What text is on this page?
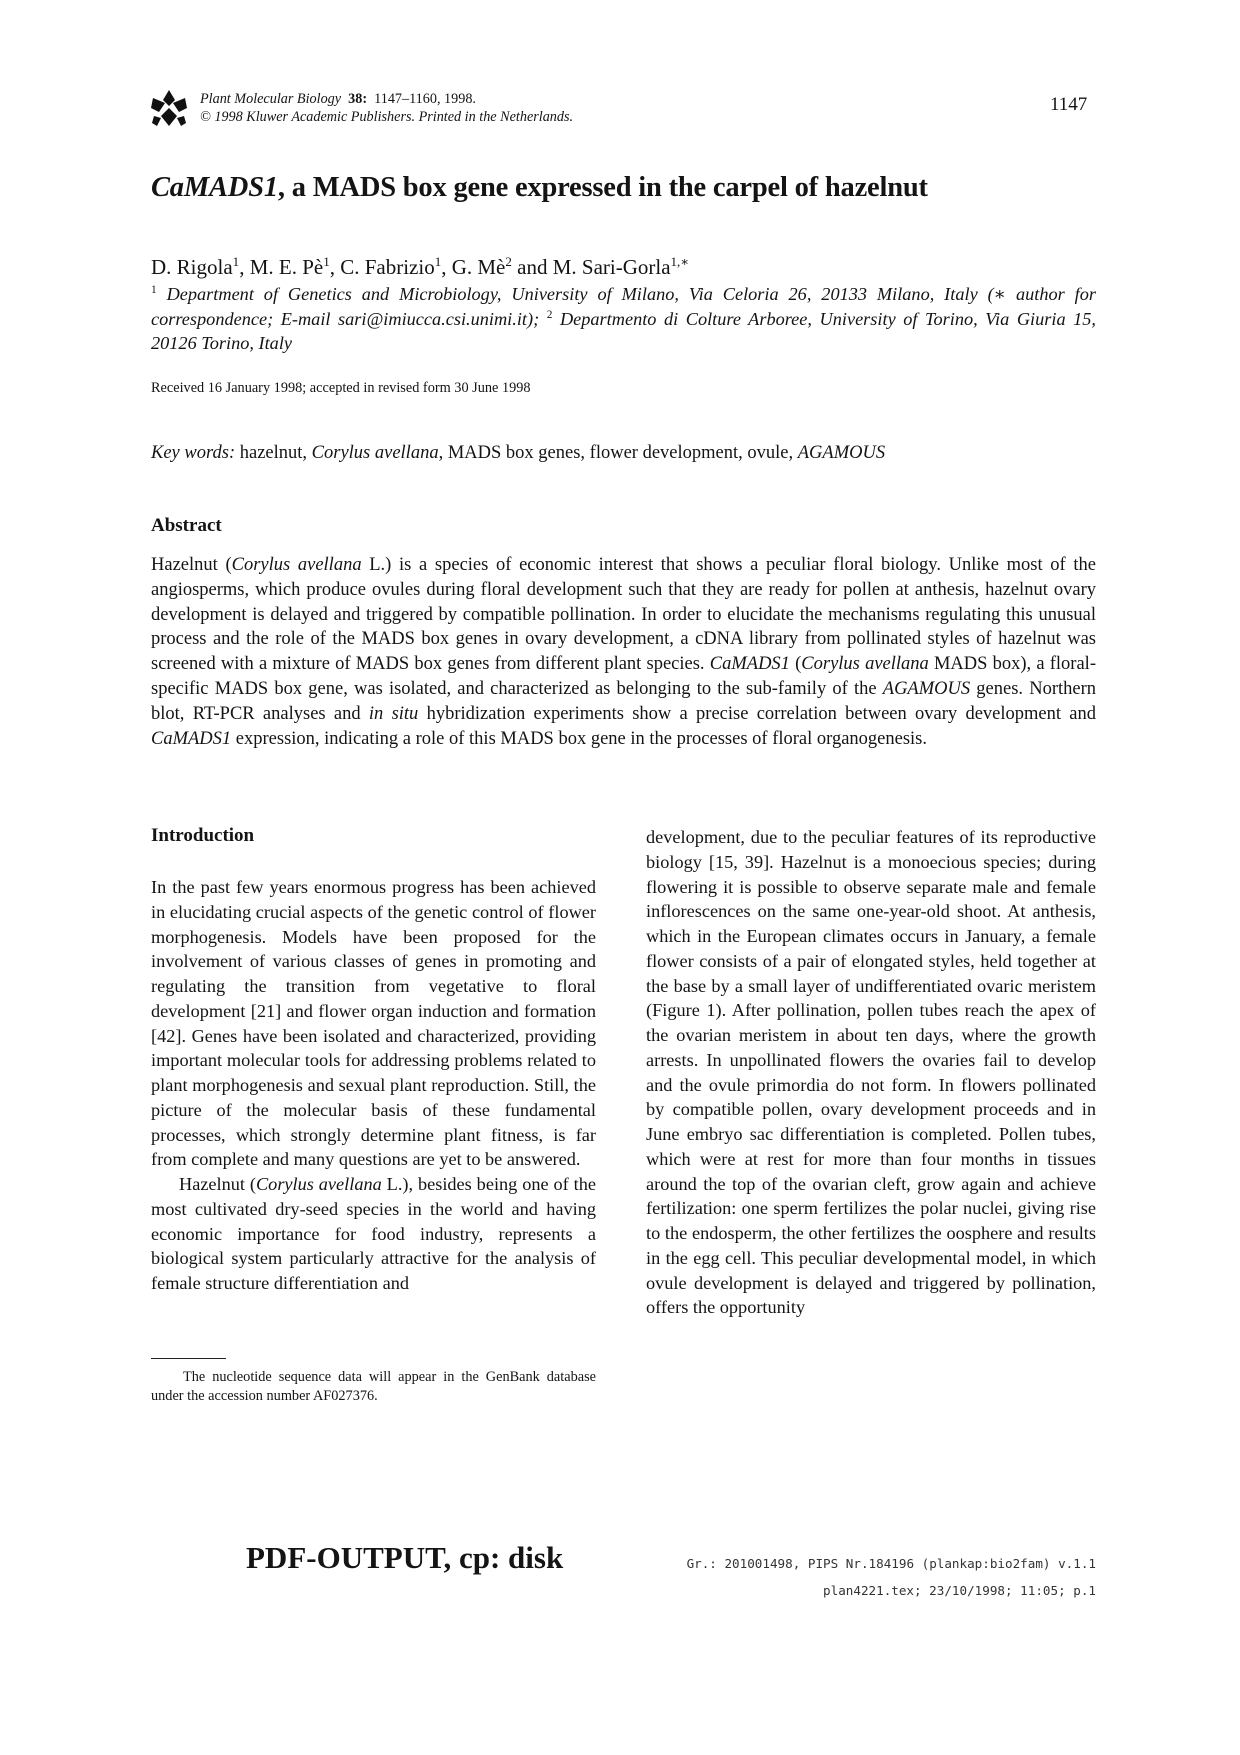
Plant Molecular Biology 38: 1147–1160, 1998.
© 1998 Kluwer Academic Publishers. Printed in the Netherlands.
1147
CaMADS1, a MADS box gene expressed in the carpel of hazelnut
D. Rigola$^1$, M. E. $Pè^1$, C. Fabrizio$^1$, G. $Mè^2$ and M. Sari-Gorla$^{1,∗}$
$^1$ Department of Genetics and Microbiology, University of Milano, Via Celoria 26, 20133 Milano, Italy (∗ author for correspondence; E-mail sari@imiucca.csi.unimi.it); $^2$ Departmento di Colture Arboree, University of Torino, Via Giuria 15, 20126 Torino, Italy
Received 16 January 1998; accepted in revised form 30 June 1998
Key words: hazelnut, Corylus avellana, MADS box genes, flower development, ovule, AGAMOUS
Abstract
Hazelnut (Corylus avellana L.) is a species of economic interest that shows a peculiar floral biology. Unlike most of the angiosperms, which produce ovules during floral development such that they are ready for pollen at anthesis, hazelnut ovary development is delayed and triggered by compatible pollination. In order to elucidate the mechanisms regulating this unusual process and the role of the MADS box genes in ovary development, a cDNA library from pollinated styles of hazelnut was screened with a mixture of MADS box genes from different plant species. CaMADS1 (Corylus avellana MADS box), a floral-specific MADS box gene, was isolated, and characterized as belonging to the sub-family of the AGAMOUS genes. Northern blot, RT-PCR analyses and in situ hybridization experiments show a precise correlation between ovary development and CaMADS1 expression, indicating a role of this MADS box gene in the processes of floral organogenesis.
Introduction

In the past few years enormous progress has been achieved in elucidating crucial aspects of the genetic control of flower morphogenesis. Models have been proposed for the involvement of various classes of genes in promoting and regulating the transition from vegetative to floral development [21] and flower organ induction and formation [42]. Genes have been isolated and characterized, providing important molecular tools for addressing problems related to plant morphogenesis and sexual plant reproduction. Still, the picture of the molecular basis of these fundamental processes, which strongly determine plant fitness, is far from complete and many questions are yet to be answered.

Hazelnut (Corylus avellana L.), besides being one of the most cultivated dry-seed species in the world and having economic importance for food industry, represents a biological system particularly attractive for the analysis of female structure differentiation and

development, due to the peculiar features of its reproductive biology [15, 39]. Hazelnut is a monoecious species; during flowering it is possible to observe separate male and female inflorescences on the same one-year-old shoot. At anthesis, which in the European climates occurs in January, a female flower consists of a pair of elongated styles, held together at the base by a small layer of undifferentiated ovaric meristem (Figure 1). After pollination, pollen tubes reach the apex of the ovarian meristem in about ten days, where the growth arrests. In unpollinated flowers the ovaries fail to develop and the ovule primordia do not form. In flowers pollinated by compatible pollen, ovary development proceeds and in June embryo sac differentiation is completed. Pollen tubes, which were at rest for more than four months in tissues around the top of the ovarian cleft, grow again and achieve fertilization: one sperm fertilizes the polar nuclei, giving rise to the endosperm, the other fertilizes the oosphere and results in the egg cell. This peculiar developmental model, in which ovule development is delayed and triggered by pollination, offers the opportunity

The nucleotide sequence data will appear in the GenBank database under the accession number AF027376.
PDF-OUTPUT, cp: disk	Gr.: 201001498, PIPS Nr.184196 (plankap:bio2fam) v.1.1
plan4221.tex; 23/10/1998; 11:05; p.1
